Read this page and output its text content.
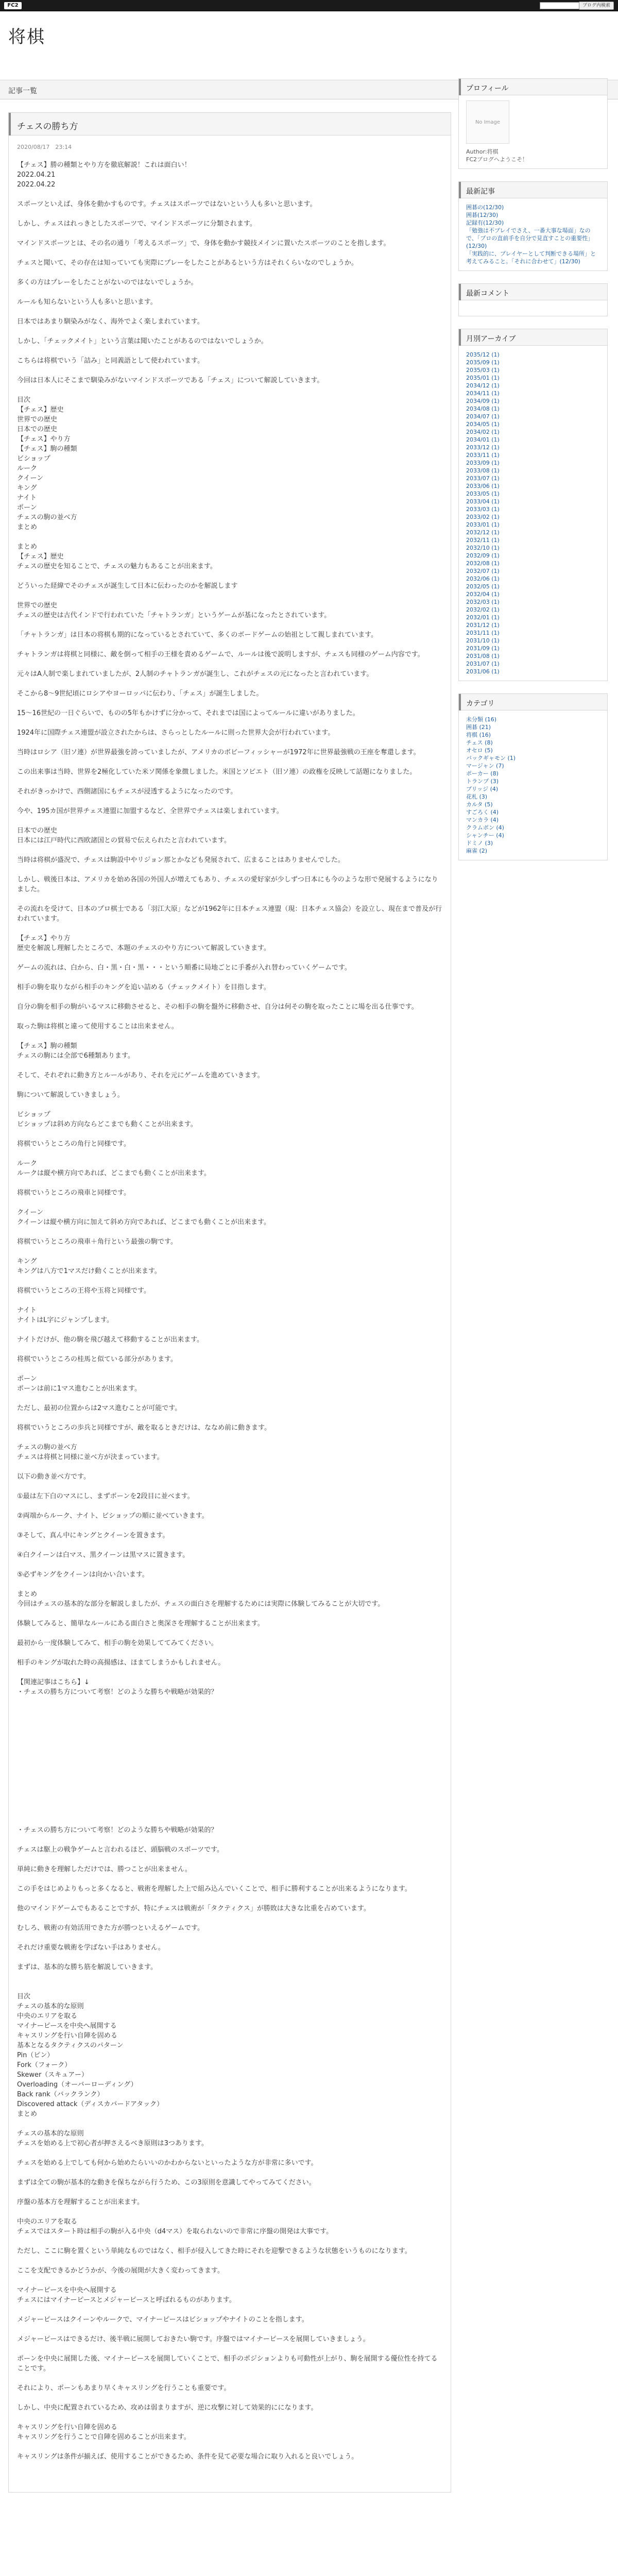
FC2	ブログ内検索
将棋
記事一覧
チェスの勝ち方
2020/08/17　23:14

【チェス】勝の種類とやり方を徹底解説！これは面白い！
2022.04.21
2022.04.22

スポーツといえば、身体を動かすものです。チェスはスポーツではないという人も多いと思います。

しかし、チェスはれっきとしたスポーツで、マインドスポーツに分類されます。

マインドスポーツとは、その名の通り「考えるスポーツ」で、身体を動かす競技メインに置いたスポーツのことを指します。

チェスと聞いて、その存在は知っていても実際にプレーをしたことがあるという方はそれくらいなのでしょうか。

多くの方はプレーをしたことがないのではないでしょうか。

ルールも知らないという人も多いと思います。

日本ではあまり馴染みがなく、海外でよく楽しまれています。

しかし、「チェックメイト」という言葉は聞いたことがあるのではないでしょうか。

こちらは将棋でいう「詰み」と同義語として使われています。

今回は日本人にそこまで馴染みがないマインドスポーツである「チェス」について解説していきます。

目次

【チェス】歴史

世界での歴史

日本での歴史

【チェス】やり方

【チェス】駒の種類

ビショップ

ルーク

クイーン

キング

ナイト

ポーン

チェスの駒の並べ方

まとめ

まとめ
【チェス】歴史
チェスの歴史を知ることで、チェスの魅力もあることが出来ます。

どういった経緯でそのチェスが誕生して日本に伝わったのかを解説します

世界での歴史
チェスの歴史は古代インドで行われていた「チャトランガ」というゲームが基になったとされています。

「チャトランガ」は日本の将棋も期的になっているとされていて、多くのボードゲームの始祖として親しまれています。

チャトランガは将棋と同様に、敵を倒って相手の王様を責めるゲームで、ルールは後で説明しますが、チェスも同様のゲーム内容です。

元々はA人制で楽しまれていましたが、2人制のチャトランガが誕生し、これがチェスの元になったと言われています。

そこから8〜9世紀頃にロシアやヨーロッパに伝わり、「チェス」が誕生しました。

15〜16世紀の一日ぐらいで、ものの5年もかけずに分かって、それまでは国によってルールに違いがありました。

1924年に国際チェス連盟が設立されたからは、さらっとしたルールに則った世界大会が行われています。

当時はロシア（旧ソ連）が世界最強を誇っていましたが、アメリカのボビーフィッシャーが1972年に世界最強戦の王座を奪還します。

この出来事は当時、世界を2極化していた米ソ関係を象徴しました。米国とソビエト（旧ソ連）の政権を反映して話題になりました。

それがきっかけで、西側諸国にもチェスが浸透するようになったのです。

今や、195カ国が世界チェス連盟に加盟するなど、全世界でチェスは楽しまれています。

日本での歴史
日本には江戸時代に西欧諸国との貿易で伝えられたと言われています。

当時は将棋が盛況で、チェスは駒設中やリジョン那とかなども発展されて、広まることはありませんでした。

しかし、戦後日本は、アメリカを始め各国の外国人が増えてもあり、チェスの愛好家が少しずつ日本にも今のような形で発展するようになりました。

その流れを受けて、日本のプロ棋士である「羽江大原」などが1962年に日本チェス連盟（現：日本チェス協会）を設立し、現在まで普及が行われています。

【チェス】やり方
歴史を解説し理解したところで、本題のチェスのやり方について解説していきます。

ゲームの流れは、白から、白・黒・白・黒・・・という順番に局地ごとに手番が入れ替わっていくゲームです。

相手の駒を取りながら相手のキングを追い詰める（チェックメイト）を目指します。

自分の駒を相手の駒がいるマスに移動させると、その相手の駒を盤外に移動させ、自分は何その駒を取ったことに場を出る仕事です。

取った駒は将棋と違って使用することは出来ません。

【チェス】駒の種類
チェスの駒には全部で6種類あります。

そして、それぞれに動き方とルールがあり、それを元にゲームを進めていきます。

駒について解説していきましょう。

ビショップ
ビショップは斜め方向ならどこまでも動くことが出来ます。

将棋でいうところの角行と同様です。

ルーク
ルークは縦や横方向であれば、どこまでも動くことが出来ます。

将棋でいうところの飛車と同様です。

クイーン
クイーンは縦や横方向に加えて斜め方向であれば、どこまでも動くことが出来ます。

将棋でいうところの飛車＋角行という最強の駒です。

キング
キングは八方で1マスだけ動くことが出来ます。

将棋でいうところの王将や玉将と同様です。

ナイト
ナイトはL字にジャンプします。

ナイトだけが、他の駒を飛び越えて移動することが出来ます。

将棋でいうところの桂馬と似ている部分があります。

ポーン
ポーンは前に1マス進むことが出来ます。

ただし、最初の位置からは2マス進むことが可能です。

将棋でいうところの歩兵と同様ですが、敵を取るときだけは、ななめ前に動きます。

チェスの駒の並べ方
チェスは将棋と同様に並べ方が決まっています。

以下の動き並べ方です。

①最は左下白のマスにし、まずポーンを2段目に並べます。

②両端からルーク、ナイト、ビショップの順に並べていきます。

③そして、真ん中にキングとクイーンを置きます。

④白クイーンは白マス、黒クイーンは黒マスに置きます。

⑤必ずキングをクイーンは向かい合います。

まとめ
今回はチェスの基本的な部分を解説しましたが、チェスの面白さを理解するためには実際に体験してみることが大切です。

体験してみると、簡単なルールにある面白さと奥深さを理解することが出来ます。

最初から一度体験してみて、相手の駒を効果しててみてください。

相手のキングが取れた時の高揚感は、ほまてしまうかもしれません。

【関連記事はこちら】↓
・チェスの勝ち方について考察！どのような勝ちや戦略が効果的？

・チェスの勝ち方について考察！どのような勝ちや戦略が効果的？

チェスは駆上の戦争ゲームと言われるほど、頭脳戦のスポーツです。

単純に動きを理解しただけでは、勝つことが出来ません。

この手をはじめよりもっと多くなると、戦術を理解した上で組み込んでいくことで、相手に勝利することが出来るようになります。

他のマインドゲームでもあることですが、特にチェスは戦術が「タクティクス」が勝敗は大きな比重を占めています。

むしろ、戦術の有効活用できた方が勝つといえるゲームです。

それだけ重要な戦術を学ばない手はありません。

まずは、基本的な勝ち筋を解説していきます。

目次
チェスの基本的な原則
中央のエリアを取る
マイナーピースを中央へ展開する
キャスリングを行い自陣を固める
基本となるタクティクスのパターン
Pin（ピン）
Fork（フォーク）
Skewer（スキュアー）
Overloading（オーバーローディング）
Back rank（バックランク）
Discovered attack（ディスカバードアタック）
まとめ

チェスの基本的な原則
チェスを始める上で初心者が押さえるべき原則は3つあります。

チェスを始める上でしても何から始めたらいいのかわからないといったような方が非常に多いです。

まずは全ての駒が基本的な動きを保ちながら行うため、この3原則を意識してやってみてください。

序盤の基本方を理解することが出来ます。

中央のエリアを取る
チェスではスタート時は相手の駒が入る中央（d4マス）を取られないので非常に序盤の開発は大事です。

ただし、ここに駒を置くという単純なものではなく、相手が侵入してきた時にそれを迎撃できるような状態をいうものになります。

ここを支配できるかどうかが、今後の展開が大きく変わってきます。

マイナーピースを中央へ展開する
チェスにはマイナーピースとメジャーピースと呼ばれるものがあります。

メジャーピースはクイーンやルークで、マイナーピースはビショップやナイトのことを指します。

メジャーピースはできるだけ、後半戦に展開しておきたい駒です。序盤ではマイナーピースを展開していきましょう。

ポーンを中央に展開した後、マイナーピースを展開していくことで、相手のポジションよりも可動性が上がり、駒を展開する優位性を持てることです。

それにより、ポーンもあまり早くキャスリングを行うことも重要です。

しかし、中央に配置されているため、攻めは弱まりますが、逆に攻撃に対して効果的にになります。

キャスリングを行い自陣を固める
キャスリングを行うことで自陣を固めることが出来ます。

キャスリングは条件が揃えば、使用することができるため、条件を見て必要な場合に取り入れると良いでしょう。

プロフィール
No Image
Author:将棋
FC2ブログへようこそ！
最新記事
囲碁の(12/30)
囲碁(12/30)
記録有(12/30)
「勉強は不プレイでさえ、一番大事な場面」なので、「プロの直前手を自分で見直すことの重要性」(12/30)
「実践的に、プレイヤーとして判断できる場所」と考えてみること。「それに合わせて」(12/30)
最新コメント
月別アーカイブ
2035/12 (1)
2035/09 (1)
2035/03 (1)
2035/01 (1)
2034/12 (1)
2034/11 (1)
2034/09 (1)
2034/08 (1)
2034/07 (1)
2034/05 (1)
2034/02 (1)
2034/01 (1)
2033/12 (1)
2033/11 (1)
2033/09 (1)
2033/08 (1)
2033/07 (1)
2033/06 (1)
2033/05 (1)
2033/04 (1)
2033/03 (1)
2033/02 (1)
2033/01 (1)
2032/12 (1)
2032/11 (1)
2032/10 (1)
2032/09 (1)
2032/08 (1)
2032/07 (1)
2032/06 (1)
2032/05 (1)
2032/04 (1)
2032/03 (1)
2032/02 (1)
2032/01 (1)
2031/12 (1)
2031/11 (1)
2031/10 (1)
2031/09 (1)
2031/08 (1)
2031/07 (1)
2031/06 (1)
カテゴリ
未分類 (16)
囲碁 (21)
将棋 (16)
チェス (8)
オセロ (5)
バックギャモン (1)
マージャン (7)
ポーカー (8)
トランプ (3)
ブリッジ (4)
花札 (3)
カルタ (5)
すごろく (4)
マンカラ (4)
クラムボン (4)
シャンチー (4)
ドミノ (3)
麻雀 (2)
